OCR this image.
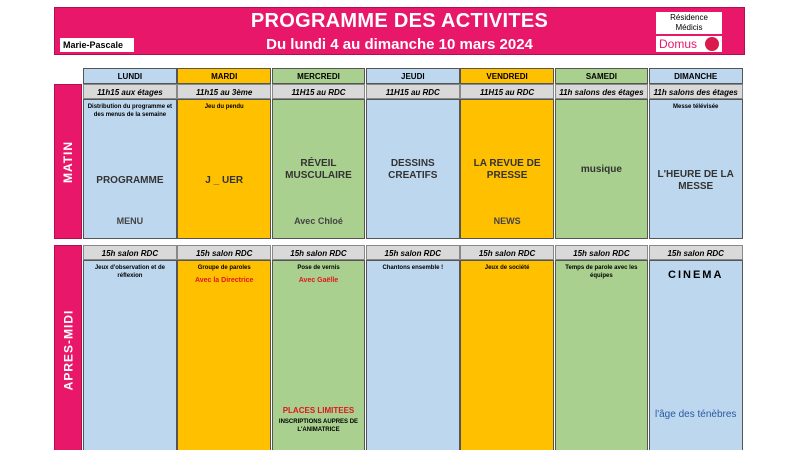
PROGRAMME DES ACTIVITES
Du lundi 4 au dimanche 10 mars 2024
Marie-Pascale
Résidence
Médicis
Domus
MATIN
APRES-MIDI
LUNDI
11h15 aux étages
Distribution du programme et des menus de la semaine
PROGRAMME
MENU
15h salon RDC
Jeux d'observation et de réflexion
MARDI
11h15 au 3ème
Jeu du pendu
J _ UER
15h salon RDC
Groupe de paroles
Avec la Directrice
MERCREDI
11H15 au RDC
RÉVEIL MUSCULAIRE
Avec Chloé
15h salon RDC
Pose de vernis
Avec Gaëlle
PLACES LIMITEES
INSCRIPTIONS AUPRES DE L'ANIMATRICE
JEUDI
11H15 au RDC
DESSINS CREATIFS
15h salon RDC
Chantons ensemble !
VENDREDI
11H15 au RDC
LA REVUE DE PRESSE
NEWS
15h salon RDC
Jeux de société
SAMEDI
11h salons des étages
musique
15h salon RDC
Temps de parole avec les équipes
DIMANCHE
11h salons des étages
Messe télévisée
L'HEURE DE LA MESSE
15h salon RDC
CINEMA
l'âge des ténèbres
